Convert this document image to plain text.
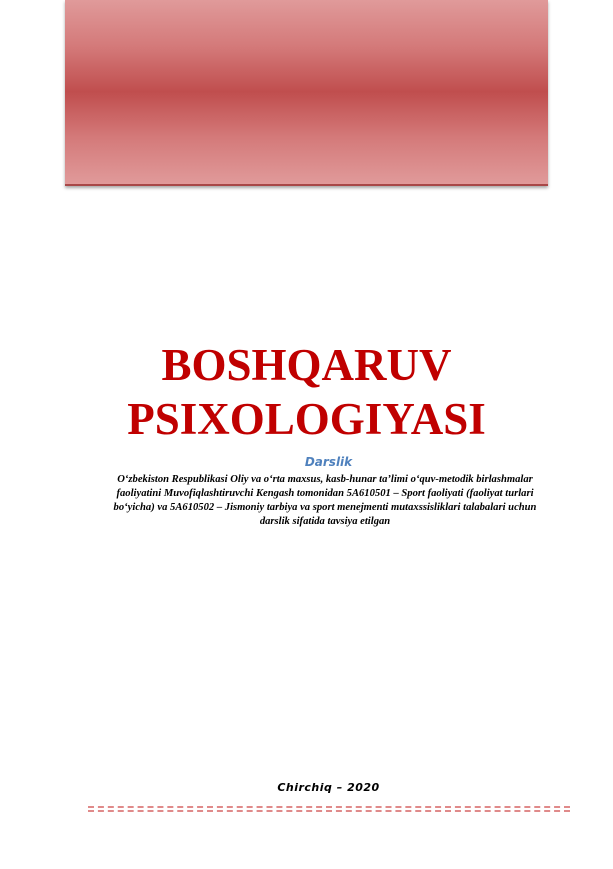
BOSHQARUV
PSIXOLOGIYASI
Darslik
O‘zbekiston Respublikasi Oliy va o‘rta maxsus, kasb-hunar ta’limi o‘quv-metodik birlashmalar faoliyatini Muvofiqlashtiruvchi Kengash tomonidan 5A610501 – Sport faoliyati (faoliyat turlari bo‘yicha) va 5A610502 – Jismoniy tarbiya va sport menejmenti mutaxssisliklari talabalari uchun darslik sifatida tavsiya etilgan
Chirchiq – 2020
